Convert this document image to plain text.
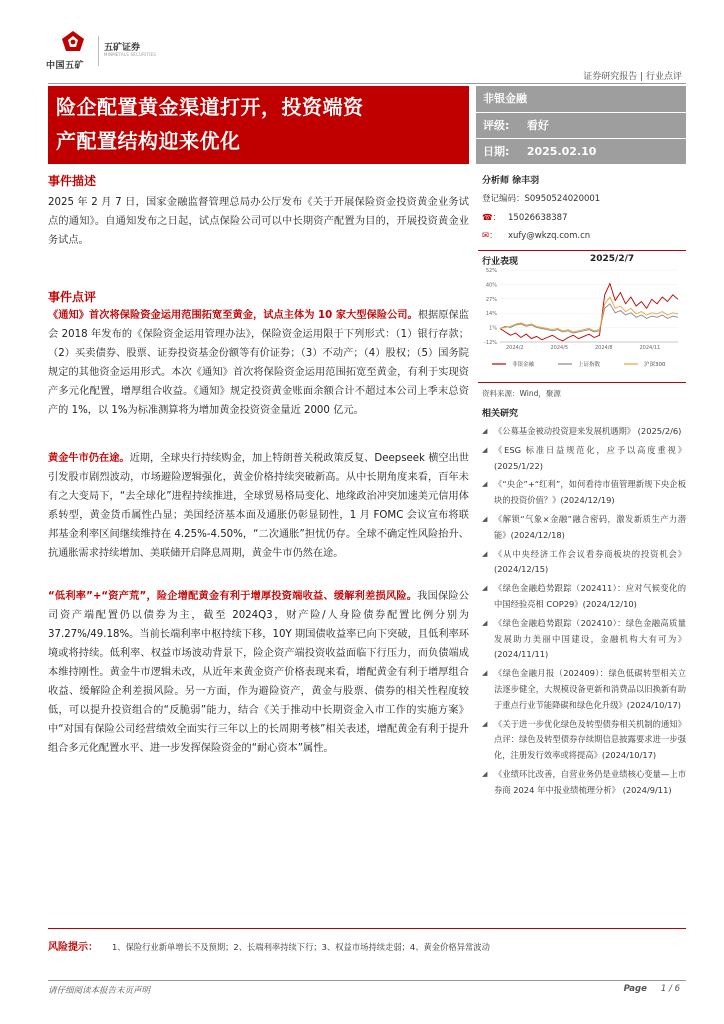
中国五矿
五矿证券
MINMETALS SECURITIES
证券研究报告 | 行业点评
险企配置黄金渠道打开，投资端资
产配置结构迎来优化
非银金融
评级: 看好
日期: 2025.02.10
事件描述
2025 年 2 月 7 日，国家金融监督管理总局办公厅发布《关于开展保险资金投资黄金业务试点的通知》。自通知发布之日起，试点保险公司可以中长期资产配置为目的，开展投资黄金业务试点。
事件点评
《通知》首次将保险资金运用范围拓宽至黄金，试点主体为 10 家大型保险公司。根据原保监会 2018 年发布的《保险资金运用管理办法》，保险资金运用限于下列形式：（1）银行存款；（2）买卖债券、股票、证券投资基金份额等有价证券；（3）不动产；（4）股权；（5）国务院规定的其他资金运用形式。本次《通知》首次将保险资金运用范围拓宽至黄金，有利于实现资产多元化配置，增厚组合收益。《通知》规定投资黄金账面余额合计不超过本公司上季末总资产的 1%，以 1%为标准测算将为增加黄金投资资金量近 2000 亿元。
黄金牛市仍在途。近期，全球央行持续购金，加上特朗普关税政策反复、Deepseek 横空出世引发股市剧烈波动，市场避险逻辑强化，黄金价格持续突破新高。从中长期角度来看，百年未有之大变局下，“去全球化”进程持续推进，全球贸易格局变化、地缘政治冲突加速美元信用体系转型，黄金货币属性凸显；美国经济基本面及通胀仍彰显韧性，1 月 FOMC 会议宣布将联邦基金利率区间继续维持在 4.25%-4.50%，“二次通胀”担忧仍存。全球不确定性风险抬升、抗通胀需求持续增加、美联储开启降息周期，黄金牛市仍然在途。
“低利率”+“资产荒”，险企增配黄金有利于增厚投资端收益、缓解利差损风险。我国保险公司资产端配置仍以债券为主，截至 2024Q3，财产险/人身险债券配置比例分别为 37.27%/49.18%。当前长端利率中枢持续下移，10Y 期国债收益率已向下突破，且低利率环境或将持续。低利率、权益市场波动背景下，险企资产端投资收益面临下行压力，而负债端成本维持刚性。黄金牛市逻辑未改，从近年来黄金资产价格表现来看，增配黄金有利于增厚组合收益、缓解险企利差损风险。另一方面，作为避险资产，黄金与股票、债券的相关性程度较低，可以提升投资组合的“反脆弱”能力，结合《关于推动中长期资金入市工作的实施方案》中“对国有保险公司经营绩效全面实行三年以上的长周期考核”相关表述，增配黄金有利于提升组合多元化配置水平、进一步发挥保险资金的“耐心资本”属性。
分析师 徐丰羽
登记编码：S0950524020001
☎： 15026638387
✉： xufy@wkzq.com.cn
行业表现	2025/2/7
52%
40%
27%
14%
1%
-12%
2024/2	2024/5	2024/8	2024/11
非银金融	上证指数	沪深300
资料来源：Wind，聚源
相关研究
◢ 《公募基金被动投资迎来发展机遇期》 (2025/2/6)
◢ 《ESG 标准日益规范化，应予以高度重视》 (2025/1/22)
◢ 《“央企”+“红利”，如何看待市值管理新规下央企板块的投资价值？》(2024/12/19)
◢ 《解锁“气象×金融”融合密码，激发新质生产力潜能》(2024/12/18)
◢ 《从中央经济工作会议看券商板块的投资机会》(2024/12/15)
◢ 《绿色金融趋势跟踪（202411）：应对气候变化的中国经验亮相 COP29》(2024/12/10)
◢ 《绿色金融趋势跟踪（202410）：绿色金融高质量发展助力美丽中国建设，金融机构大有可为》(2024/11/11)
◢ 《绿色金融月报（202409）：绿色低碳转型相关立法逐步健全，大规模设备更新和消费品以旧换新有助于重点行业节能降碳和绿色化升级》(2024/10/17)
◢ 《关于进一步优化绿色及转型债券相关机制的通知》点评：绿色及转型债券存续期信息披露要求进一步强化，注册发行效率或将提高》(2024/10/17)
◢ 《业绩环比改善，自营业务仍是业绩核心变量—上市券商 2024 年中报业绩梳理分析》 (2024/9/11)
风险提示： 1、保险行业新单增长不及预期；2、长端利率持续下行；3、权益市场持续走弱；4、黄金价格异常波动
请仔细阅读本报告末页声明	Page 1 / 6
